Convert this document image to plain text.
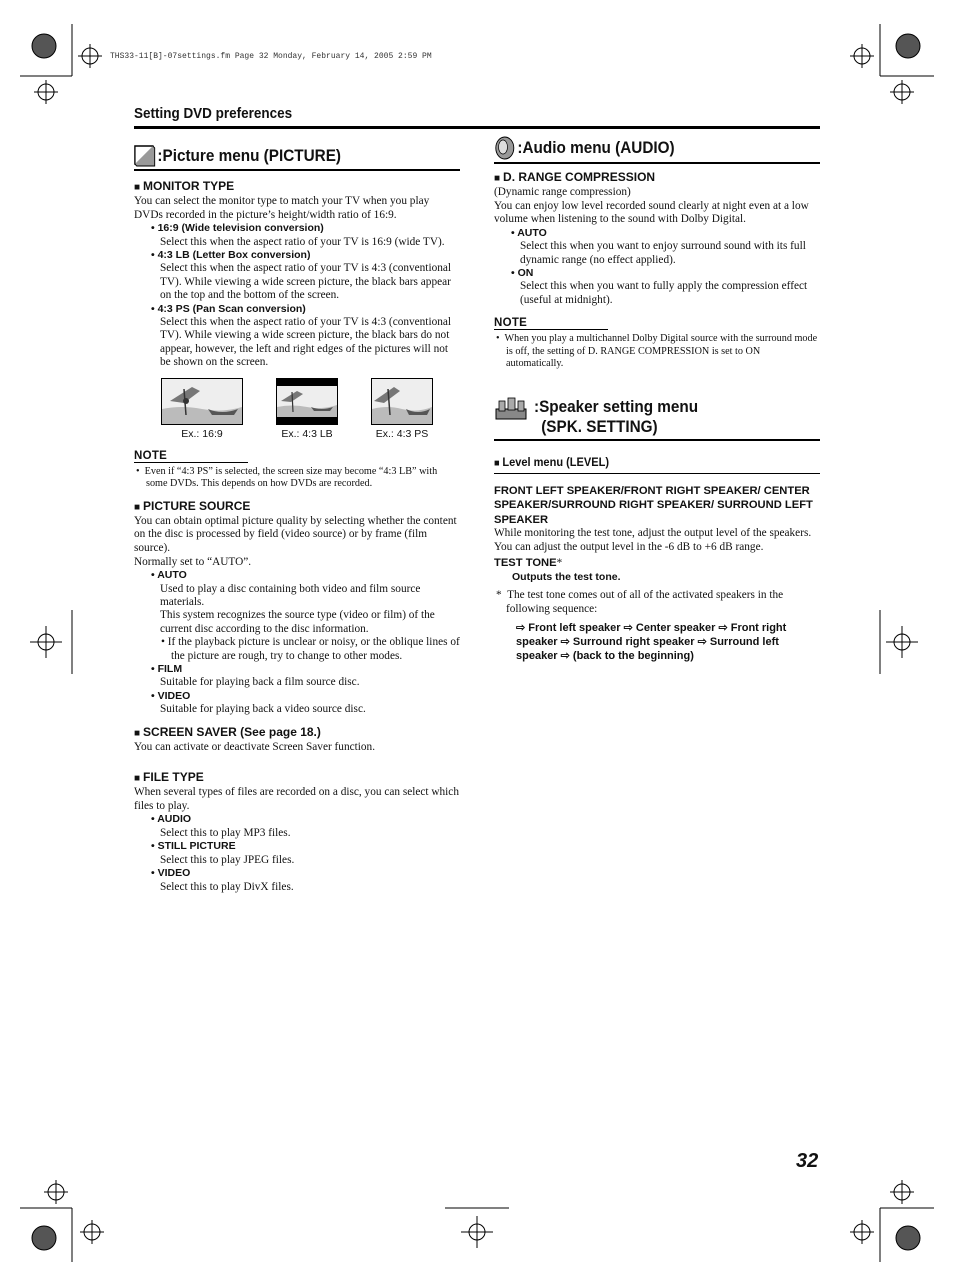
THS33-11[B]-07settings.fm Page 32 Monday, February 14, 2005 2:59 PM
Setting DVD preferences
:Picture menu (PICTURE)
■ MONITOR TYPE

You can select the monitor type to match your TV when you play DVDs recorded in the picture’s height/width ratio of 16:9.

• 16:9 (Wide television conversion)
Select this when the aspect ratio of your TV is 16:9 (wide TV).
• 4:3 LB (Letter Box conversion)
Select this when the aspect ratio of your TV is 4:3 (conventional TV). While viewing a wide screen picture, the black bars appear on the top and the bottom of the screen.
• 4:3 PS (Pan Scan conversion)
Select this when the aspect ratio of your TV is 4:3 (conventional TV). While viewing a wide screen picture, the black bars do not appear, however, the left and right edges of the pictures will not be shown on the screen.
Ex.: 16:9	Ex.: 4:3 LB	Ex.: 4:3 PS
NOTE
•  Even if “4:3 PS” is selected, the screen size may become “4:3 LB” with some DVDs. This depends on how DVDs are recorded.
■ PICTURE SOURCE

You can obtain optimal picture quality by selecting whether the content on the disc is processed by field (video source) or by frame (film source).

Normally set to “AUTO”.

• AUTO
Used to play a disc containing both video and film source materials.
This system recognizes the source type (video or film) of the current disc according to the disc information.
• If the playback picture is unclear or noisy, or the oblique lines of the picture are rough, try to change to other modes.
• FILM
Suitable for playing back a film source disc.
• VIDEO
Suitable for playing back a video source disc.
■ SCREEN SAVER (See page 18.)

You can activate or deactivate Screen Saver function.

■ FILE TYPE

When several types of files are recorded on a disc, you can select which files to play.

• AUDIO
Select this to play MP3 files.
• STILL PICTURE
Select this to play JPEG files.
• VIDEO
Select this to play DivX files.
:Audio menu (AUDIO)
■ D. RANGE COMPRESSION

(Dynamic range compression)

You can enjoy low level recorded sound clearly at night even at a low volume when listening to the sound with Dolby Digital.

• AUTO
Select this when you want to enjoy surround sound with its full dynamic range (no effect applied).
• ON
Select this when you want to fully apply the compression effect (useful at midnight).
NOTE
•  When you play a multichannel Dolby Digital source with the surround mode is off, the setting of D. RANGE COMPRESSION is set to ON automatically.
:Speaker setting menu
(SPK. SETTING)
■ Level menu (LEVEL)
FRONT LEFT SPEAKER/FRONT RIGHT SPEAKER/ CENTER SPEAKER/SURROUND RIGHT SPEAKER/ SURROUND LEFT SPEAKER

While monitoring the test tone, adjust the output level of the speakers.

You can adjust the output level in the -6 dB to +6 dB range.

TEST TONE*
Outputs the test tone.
* The test tone comes out of all of the activated speakers in the following sequence:
⇨ Front left speaker ⇨ Center speaker ⇨ Front right speaker ⇨ Surround right speaker ⇨ Surround left speaker ⇨ (back to the beginning)
32
